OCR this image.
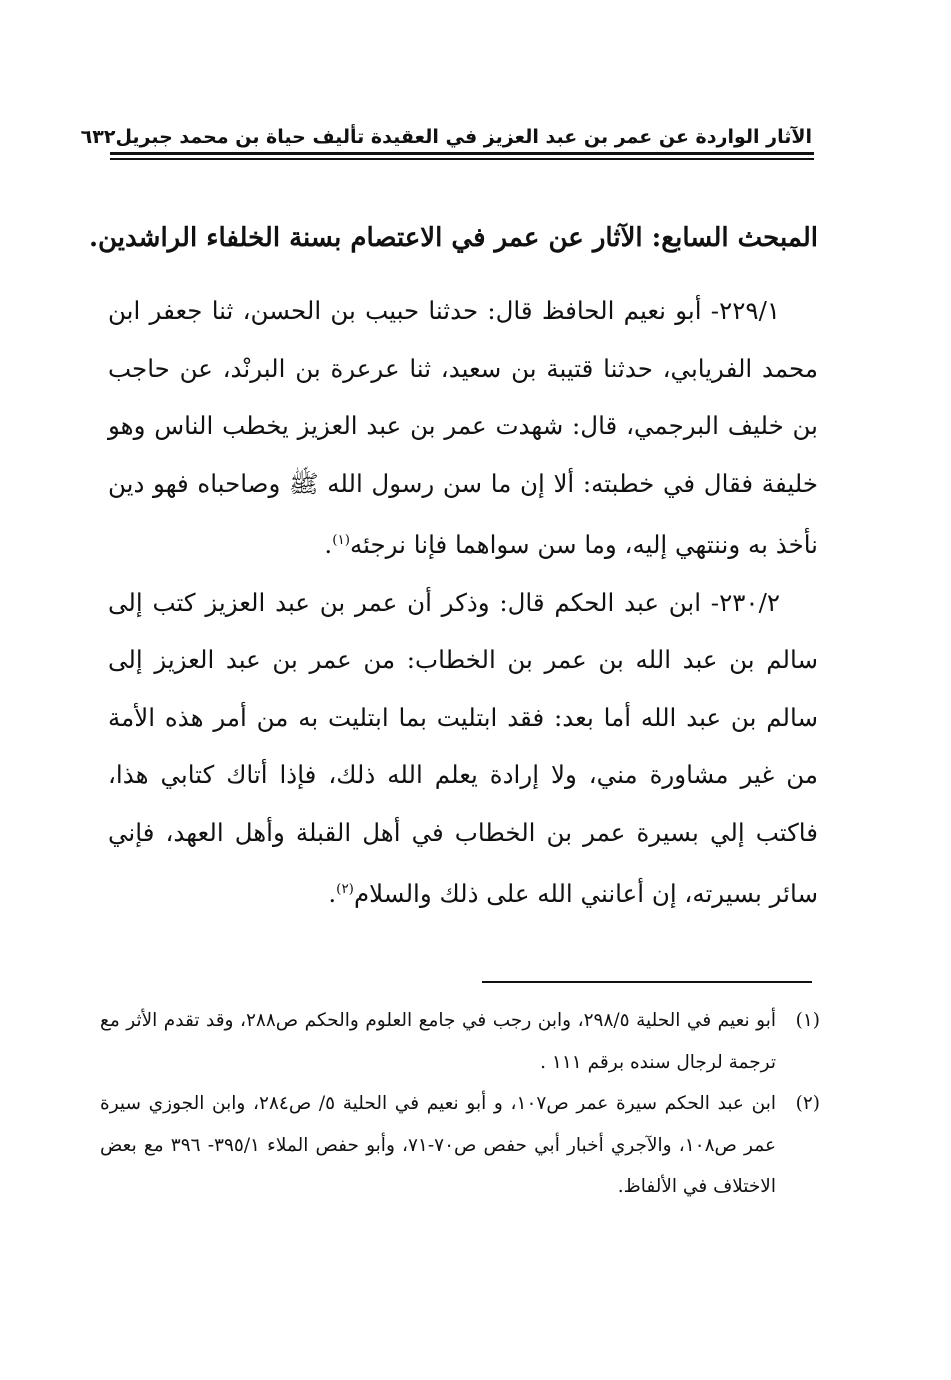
الآثار الواردة عن عمر بن عبد العزيز في العقيدة تأليف حياة بن محمد جبريل
٦٣٢
المبحث السابع: الآثار عن عمر في الاعتصام بسنة الخلفاء الراشدين.

٢٢٩/١- أبو نعيم الحافظ قال: حدثنا حبيب بن الحسن، ثنا جعفر ابن محمد الفريابي، حدثنا قتيبة بن سعيد، ثنا عرعرة بن البرنْد، عن حاجب بن خليف البرجمي، قال: شهدت عمر بن عبد العزيز يخطب الناس وهو خليفة فقال في خطبته: ألا إن ما سن رسول الله ﷺ وصاحباه فهو دين نأخذ به وننتهي إليه، وما سن سواهما فإنا نرجئه$^{(١)}$.

٢٣٠/٢- ابن عبد الحكم قال: وذكر أن عمر بن عبد العزيز كتب إلى سالم بن عبد الله بن عمر بن الخطاب: من عمر بن عبد العزيز إلى سالم بن عبد الله أما بعد: فقد ابتليت بما ابتليت به من أمر هذه الأمة من غير مشاورة مني، ولا إرادة يعلم الله ذلك، فإذا أتاك كتابي هذا، فاكتب إلي بسيرة عمر بن الخطاب في أهل القبلة وأهل العهد، فإني سائر بسيرته، إن أعانني الله على ذلك والسلام$^{(٢)}$.

(١)
أبو نعيم في الحلية ٢٩٨/٥، وابن رجب في جامع العلوم والحكم ص٢٨٨، وقد تقدم الأثر مع ترجمة لرجال سنده برقم ١١١ .
(٢)
ابن عبد الحكم سيرة عمر ص١٠٧، و أبو نعيم في الحلية ٥/ ص٢٨٤، وابن الجوزي سيرة عمر ص١٠٨، والآجري أخبار أبي حفص ص٧٠-٧١، وأبو حفص الملاء ٣٩٥/١- ٣٩٦ مع بعض الاختلاف في الألفاظ.
